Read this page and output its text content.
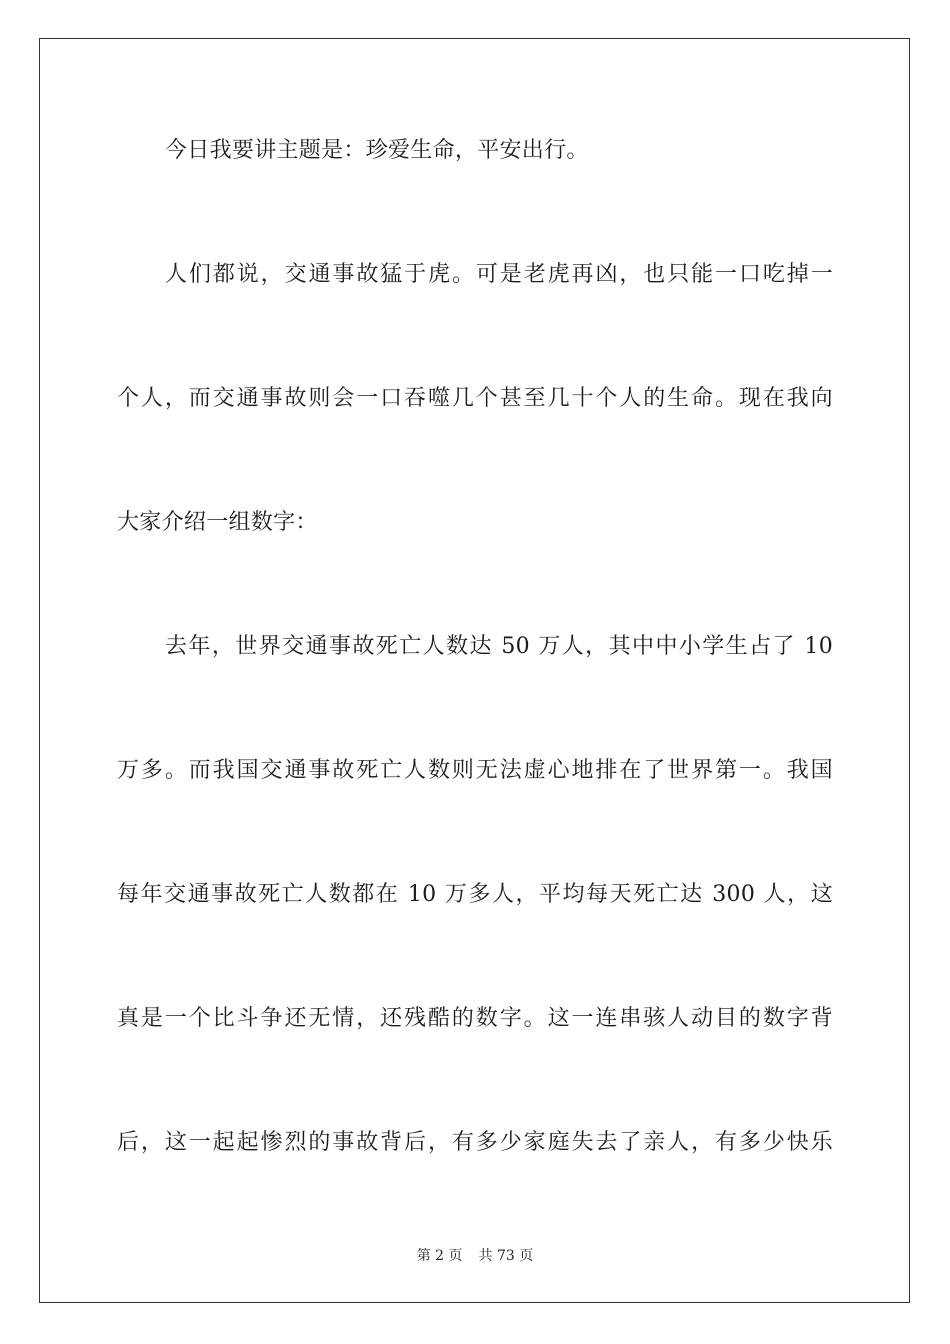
今日我要讲主题是：珍爱生命，平安出行。
人们都说，交通事故猛于虎。可是老虎再凶，也只能一口吃掉一
个人，而交通事故则会一口吞噬几个甚至几十个人的生命。现在我向
大家介绍一组数字：
去年，世界交通事故死亡人数达 50 万人，其中中小学生占了 10
万多。而我国交通事故死亡人数则无法虚心地排在了世界第一。我国
每年交通事故死亡人数都在 10 万多人，平均每天死亡达 300 人，这
真是一个比斗争还无情，还残酷的数字。这一连串骇人动目的数字背
后，这一起起惨烈的事故背后，有多少家庭失去了亲人，有多少快乐
第 2 页 共 73 页
